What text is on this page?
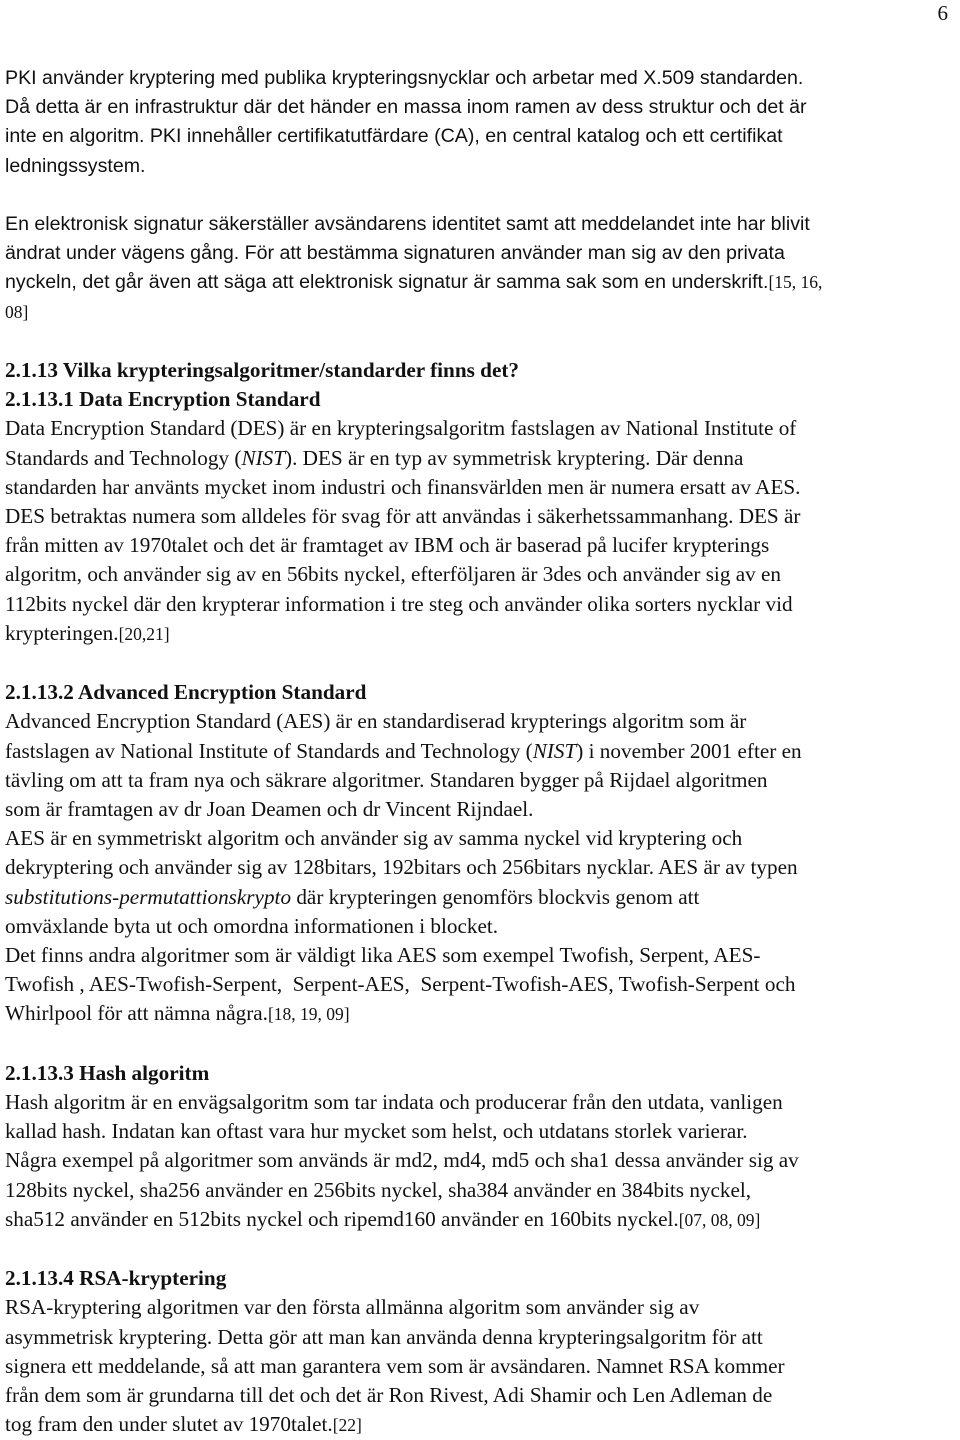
6

PKI använder kryptering med publika krypteringsnycklar och arbetar med X.509 standarden.

Då detta är en infrastruktur där det händer en massa inom ramen av dess struktur och det är

inte en algoritm. PKI innehåller certifikatutfärdare (CA), en central katalog och ett certifikat

ledningssystem.

En elektronisk signatur säkerställer avsändarens identitet samt att meddelandet inte har blivit

ändrat under vägens gång. För att bestämma signaturen använder man sig av den privata

nyckeln, det går även att säga att elektronisk signatur är samma sak som en underskrift.[15, 16,

08]

2.1.13 Vilka krypteringsalgoritmer/standarder finns det?

2.1.13.1 Data Encryption Standard

Data Encryption Standard (DES) är en krypteringsalgoritm fastslagen av National Institute of

Standards and Technology (NIST). DES är en typ av symmetrisk kryptering. Där denna

standarden har använts mycket inom industri och finansvärlden men är numera ersatt av AES.

DES betraktas numera som alldeles för svag för att användas i säkerhetssammanhang. DES är

från mitten av 1970talet och det är framtaget av IBM och är baserad på lucifer krypterings

algoritm, och använder sig av en 56bits nyckel, efterföljaren är 3des och använder sig av en

112bits nyckel där den krypterar information i tre steg och använder olika sorters nycklar vid

krypteringen.[20,21]

2.1.13.2 Advanced Encryption Standard

Advanced Encryption Standard (AES) är en standardiserad krypterings algoritm som är

fastslagen av National Institute of Standards and Technology (NIST) i november 2001 efter en

tävling om att ta fram nya och säkrare algoritmer. Standaren bygger på Rijdael algoritmen

som är framtagen av dr Joan Deamen och dr Vincent Rijndael.

AES är en symmetriskt algoritm och använder sig av samma nyckel vid kryptering och

dekryptering och använder sig av 128bitars, 192bitars och 256bitars nycklar. AES är av typen

substitutions-permutattionskrypto där krypteringen genomförs blockvis genom att

omväxlande byta ut och omordna informationen i blocket.

Det finns andra algoritmer som är väldigt lika AES som exempel Twofish, Serpent, AES-

Twofish , AES-Twofish-Serpent,  Serpent-AES,  Serpent-Twofish-AES, Twofish-Serpent och

Whirlpool för att nämna några.[18, 19, 09]

2.1.13.3 Hash algoritm

Hash algoritm är en envägsalgoritm som tar indata och producerar från den utdata, vanligen

kallad hash. Indatan kan oftast vara hur mycket som helst, och utdatans storlek varierar.

Några exempel på algoritmer som används är md2, md4, md5 och sha1 dessa använder sig av

128bits nyckel, sha256 använder en 256bits nyckel, sha384 använder en 384bits nyckel,

sha512 använder en 512bits nyckel och ripemd160 använder en 160bits nyckel.[07, 08, 09]

2.1.13.4 RSA-kryptering

RSA-kryptering algoritmen var den första allmänna algoritm som använder sig av

asymmetrisk kryptering. Detta gör att man kan använda denna krypteringsalgoritm för att

signera ett meddelande, så att man garantera vem som är avsändaren. Namnet RSA kommer

från dem som är grundarna till det och det är Ron Rivest, Adi Shamir och Len Adleman de

tog fram den under slutet av 1970talet.[22]
